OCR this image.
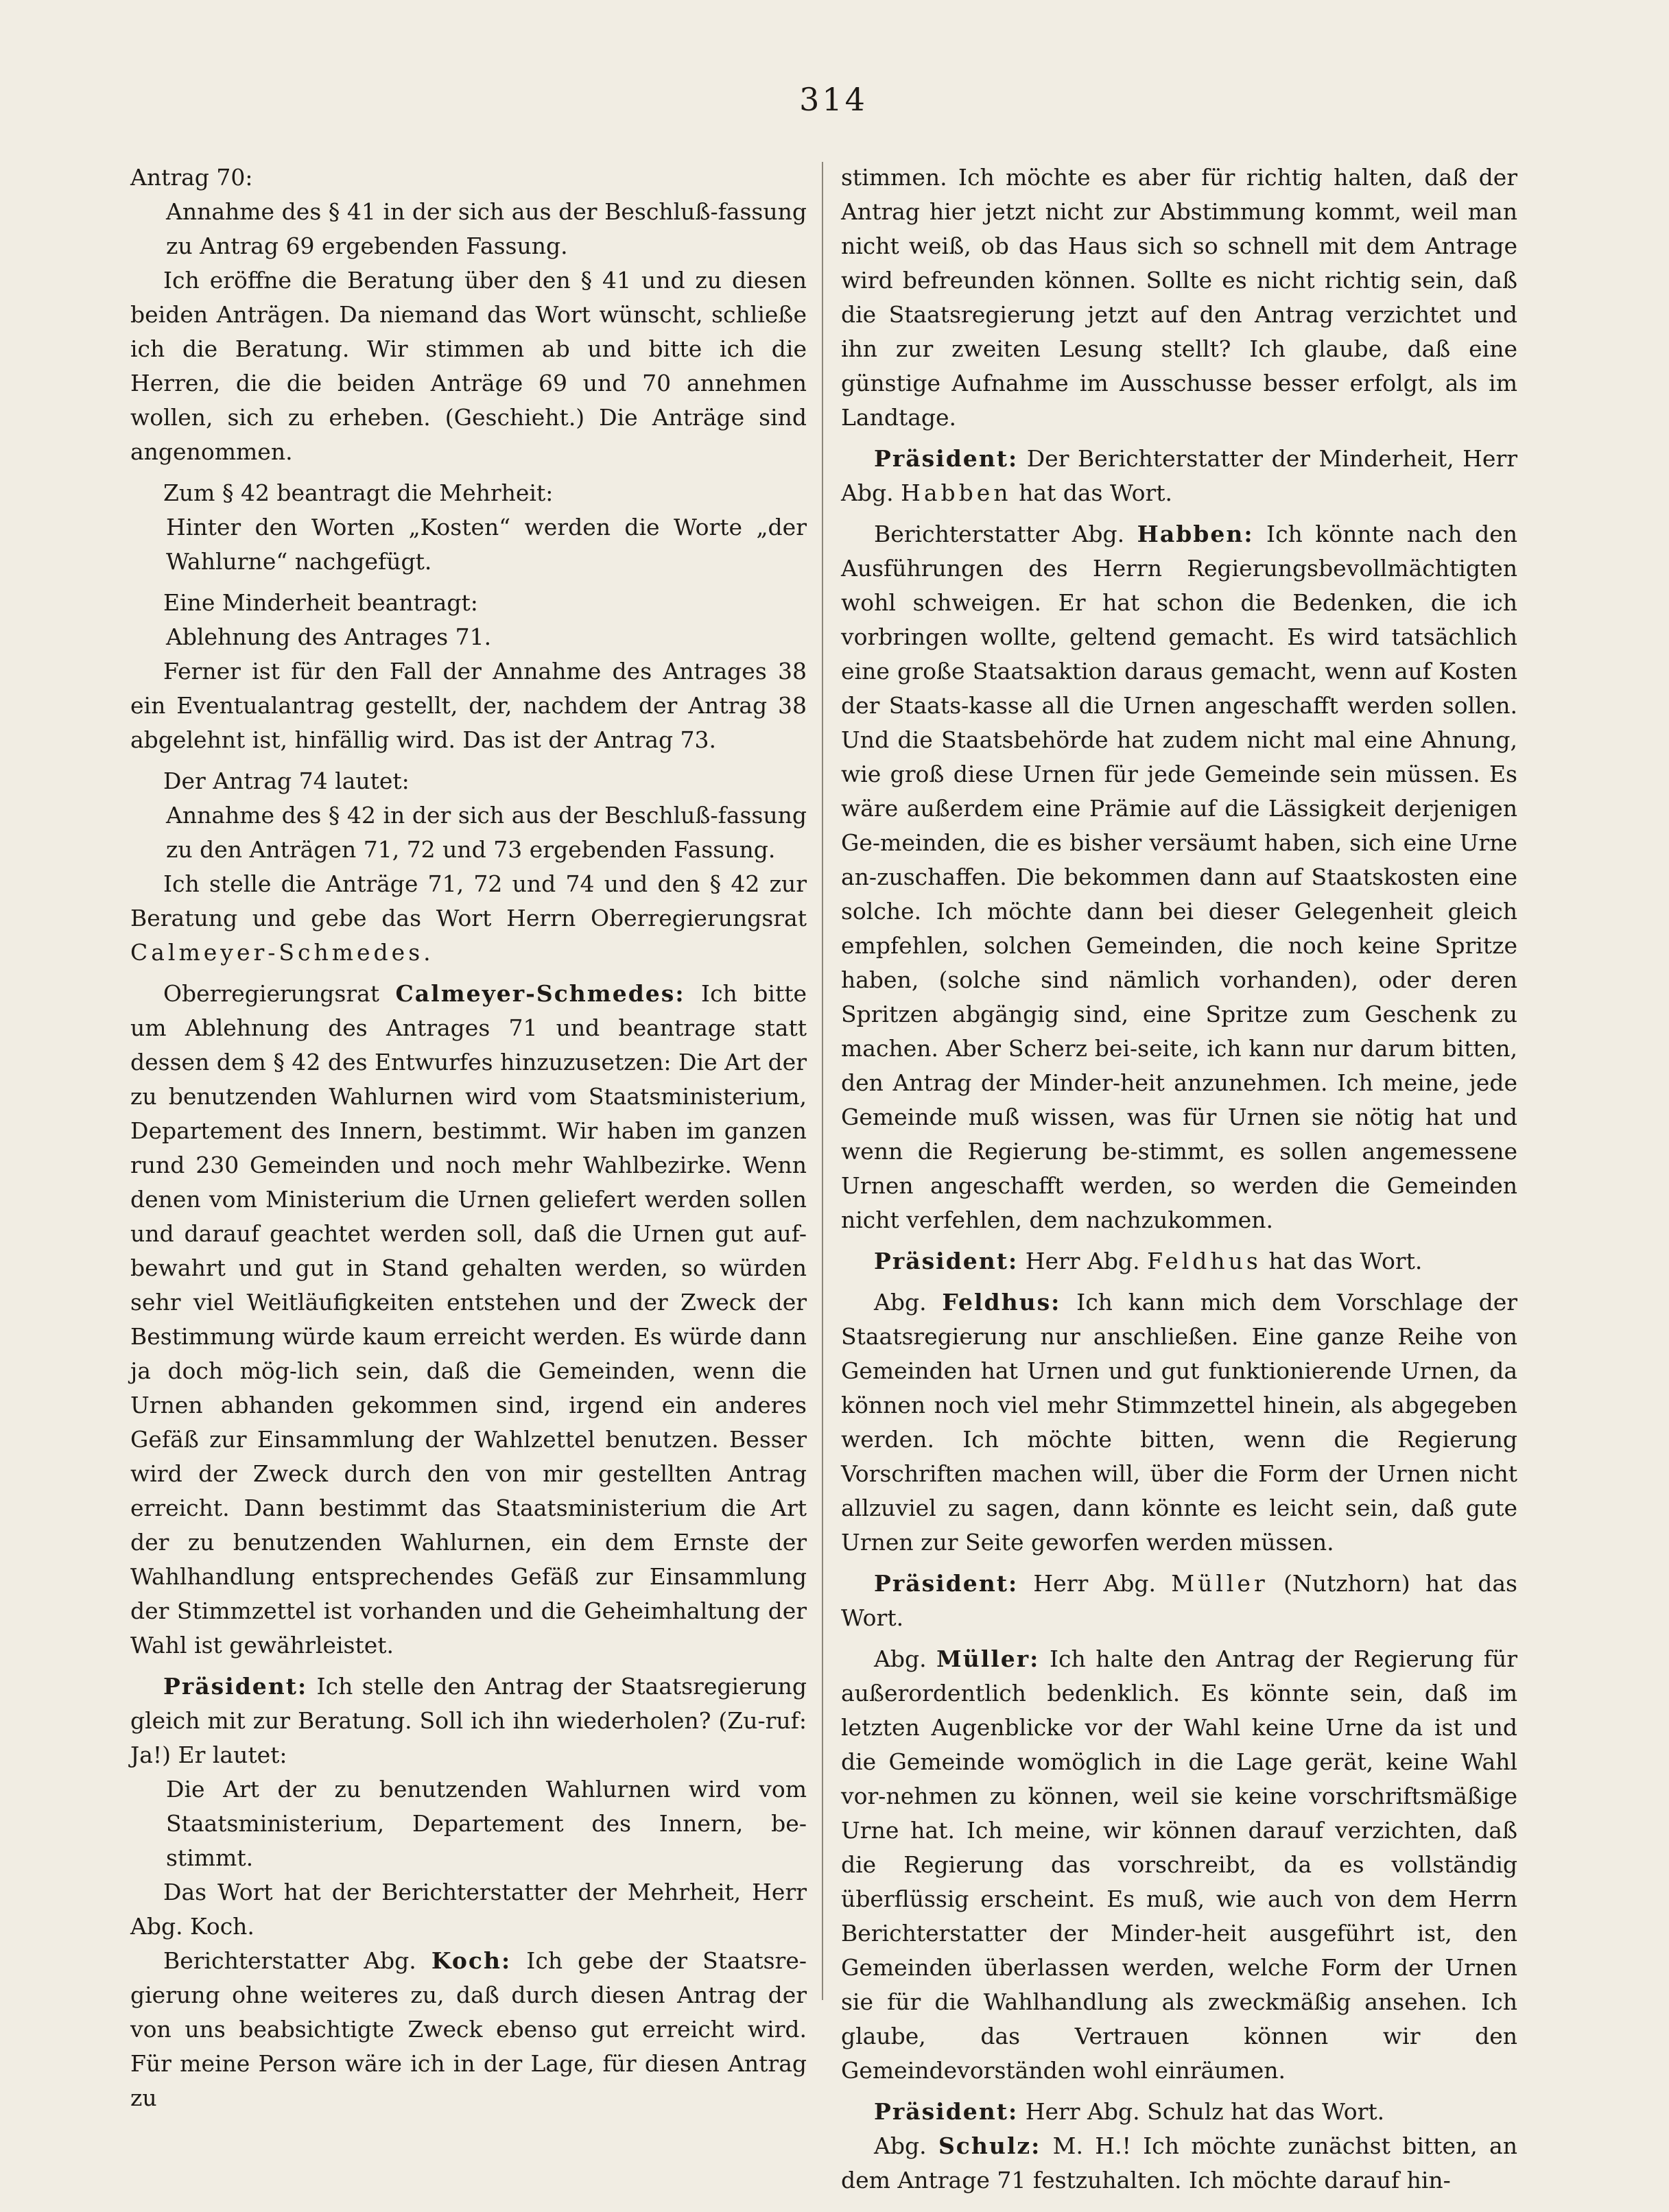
314

Antrag 70:

Annahme des § 41 in der sich aus der Beschluß-fassung zu Antrag 69 ergebenden Fassung.

Ich eröffne die Beratung über den § 41 und zu diesen beiden Anträgen. Da niemand das Wort wünscht, schließe ich die Beratung. Wir stimmen ab und bitte ich die Herren, die die beiden Anträge 69 und 70 annehmen wollen, sich zu erheben. (Geschieht.) Die Anträge sind angenommen.

Zum § 42 beantragt die Mehrheit:

Hinter den Worten „Kosten“ werden die Worte „der Wahlurne“ nachgefügt.

Eine Minderheit beantragt:

Ablehnung des Antrages 71.

Ferner ist für den Fall der Annahme des Antrages 38 ein Eventualantrag gestellt, der, nachdem der Antrag 38 abgelehnt ist, hinfällig wird. Das ist der Antrag 73.

Der Antrag 74 lautet:

Annahme des § 42 in der sich aus der Beschluß-fassung zu den Anträgen 71, 72 und 73 ergebenden Fassung.

Ich stelle die Anträge 71, 72 und 74 und den § 42 zur Beratung und gebe das Wort Herrn Oberregierungsrat Calmeyer-Schmedes.

Oberregierungsrat Calmeyer-Schmedes: Ich bitte um Ablehnung des Antrages 71 und beantrage statt dessen dem § 42 des Entwurfes hinzuzusetzen: Die Art der zu benutzenden Wahlurnen wird vom Staatsministerium, Departement des Innern, bestimmt. Wir haben im ganzen rund 230 Gemeinden und noch mehr Wahlbezirke. Wenn denen vom Ministerium die Urnen geliefert werden sollen und darauf geachtet werden soll, daß die Urnen gut auf-bewahrt und gut in Stand gehalten werden, so würden sehr viel Weitläufigkeiten entstehen und der Zweck der Bestimmung würde kaum erreicht werden. Es würde dann ja doch mög-lich sein, daß die Gemeinden, wenn die Urnen abhanden gekommen sind, irgend ein anderes Gefäß zur Einsammlung der Wahlzettel benutzen. Besser wird der Zweck durch den von mir gestellten Antrag erreicht. Dann bestimmt das Staatsministerium die Art der zu benutzenden Wahlurnen, ein dem Ernste der Wahlhandlung entsprechendes Gefäß zur Einsammlung der Stimmzettel ist vorhanden und die Geheimhaltung der Wahl ist gewährleistet.

Präsident: Ich stelle den Antrag der Staatsregierung gleich mit zur Beratung. Soll ich ihn wiederholen? (Zu-ruf: Ja!) Er lautet:

Die Art der zu benutzenden Wahlurnen wird vom Staatsministerium, Departement des Innern, be-stimmt.

Das Wort hat der Berichterstatter der Mehrheit, Herr Abg. Koch.

Berichterstatter Abg. Koch: Ich gebe der Staatsre-gierung ohne weiteres zu, daß durch diesen Antrag der von uns beabsichtigte Zweck ebenso gut erreicht wird. Für meine Person wäre ich in der Lage, für diesen Antrag zu

stimmen. Ich möchte es aber für richtig halten, daß der Antrag hier jetzt nicht zur Abstimmung kommt, weil man nicht weiß, ob das Haus sich so schnell mit dem Antrage wird befreunden können. Sollte es nicht richtig sein, daß die Staatsregierung jetzt auf den Antrag verzichtet und ihn zur zweiten Lesung stellt? Ich glaube, daß eine günstige Aufnahme im Ausschusse besser erfolgt, als im Landtage.

Präsident: Der Berichterstatter der Minderheit, Herr Abg. Habben hat das Wort.

Berichterstatter Abg. Habben: Ich könnte nach den Ausführungen des Herrn Regierungsbevollmächtigten wohl schweigen. Er hat schon die Bedenken, die ich vorbringen wollte, geltend gemacht. Es wird tatsächlich eine große Staatsaktion daraus gemacht, wenn auf Kosten der Staats-kasse all die Urnen angeschafft werden sollen. Und die Staatsbehörde hat zudem nicht mal eine Ahnung, wie groß diese Urnen für jede Gemeinde sein müssen. Es wäre außerdem eine Prämie auf die Lässigkeit derjenigen Ge-meinden, die es bisher versäumt haben, sich eine Urne an-zuschaffen. Die bekommen dann auf Staatskosten eine solche. Ich möchte dann bei dieser Gelegenheit gleich empfehlen, solchen Gemeinden, die noch keine Spritze haben, (solche sind nämlich vorhanden), oder deren Spritzen abgängig sind, eine Spritze zum Geschenk zu machen. Aber Scherz bei-seite, ich kann nur darum bitten, den Antrag der Minder-heit anzunehmen. Ich meine, jede Gemeinde muß wissen, was für Urnen sie nötig hat und wenn die Regierung be-stimmt, es sollen angemessene Urnen angeschafft werden, so werden die Gemeinden nicht verfehlen, dem nachzukommen.

Präsident: Herr Abg. Feldhus hat das Wort.

Abg. Feldhus: Ich kann mich dem Vorschlage der Staatsregierung nur anschließen. Eine ganze Reihe von Gemeinden hat Urnen und gut funktionierende Urnen, da können noch viel mehr Stimmzettel hinein, als abgegeben werden. Ich möchte bitten, wenn die Regierung Vorschriften machen will, über die Form der Urnen nicht allzuviel zu sagen, dann könnte es leicht sein, daß gute Urnen zur Seite geworfen werden müssen.

Präsident: Herr Abg. Müller (Nutzhorn) hat das Wort.

Abg. Müller: Ich halte den Antrag der Regierung für außerordentlich bedenklich. Es könnte sein, daß im letzten Augenblicke vor der Wahl keine Urne da ist und die Gemeinde womöglich in die Lage gerät, keine Wahl vor-nehmen zu können, weil sie keine vorschriftsmäßige Urne hat. Ich meine, wir können darauf verzichten, daß die Regierung das vorschreibt, da es vollständig überflüssig erscheint. Es muß, wie auch von dem Herrn Berichterstatter der Minder-heit ausgeführt ist, den Gemeinden überlassen werden, welche Form der Urnen sie für die Wahlhandlung als zweckmäßig ansehen. Ich glaube, das Vertrauen können wir den Gemeindevorständen wohl einräumen.

Präsident: Herr Abg. Schulz hat das Wort.

Abg. Schulz: M. H.! Ich möchte zunächst bitten, an dem Antrage 71 festzuhalten. Ich möchte darauf hin-
